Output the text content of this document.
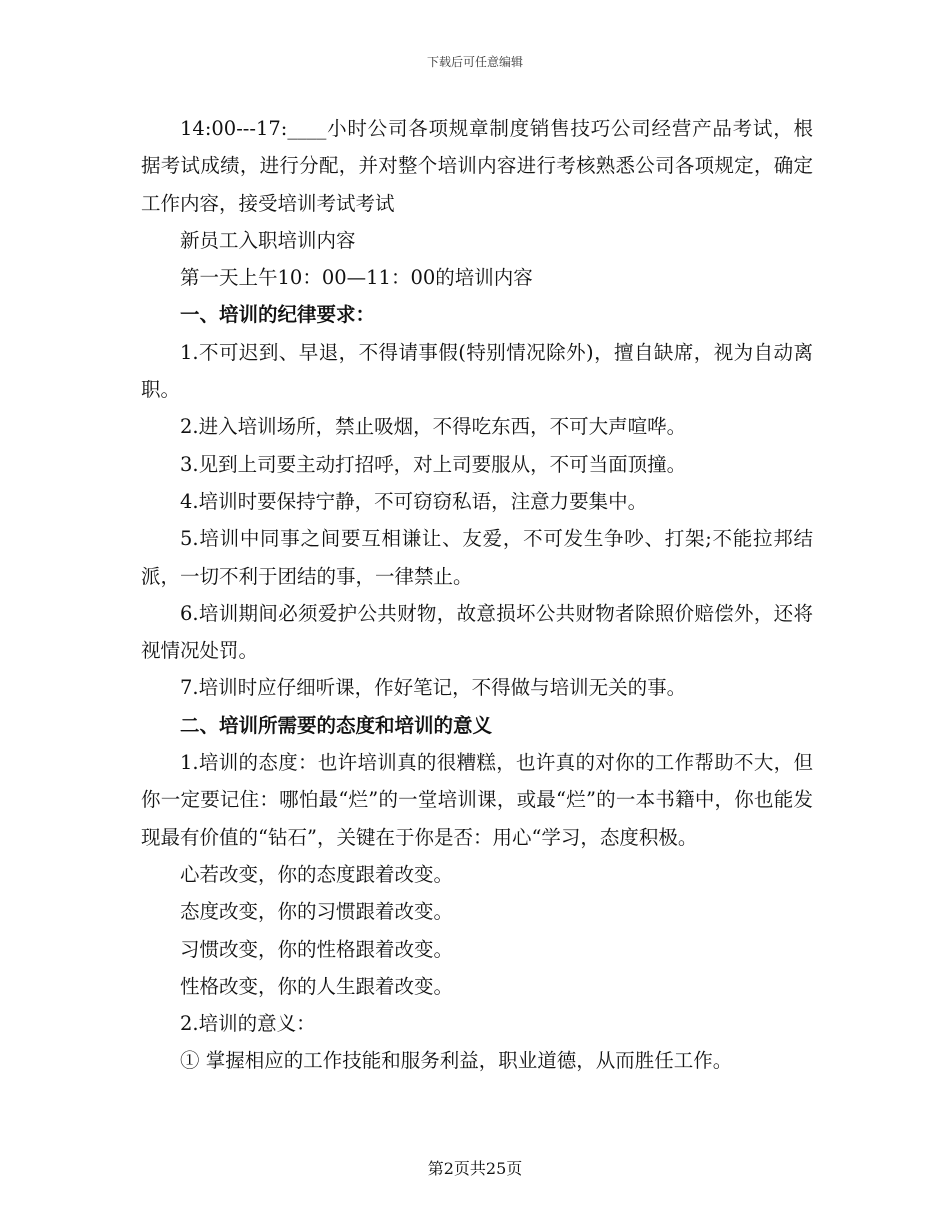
下载后可任意编辑

14:00---17:____小时公司各项规章制度销售技巧公司经营产品考试，根据考试成绩，进行分配，并对整个培训内容进行考核熟悉公司各项规定，确定工作内容，接受培训考试考试

新员工入职培训内容

第一天上午10：00—11：00的培训内容

一、培训的纪律要求：

1.不可迟到、早退，不得请事假(特别情况除外)，擅自缺席，视为自动离职。

2.进入培训场所，禁止吸烟，不得吃东西，不可大声喧哗。

3.见到上司要主动打招呼，对上司要服从，不可当面顶撞。

4.培训时要保持宁静，不可窃窃私语，注意力要集中。

5.培训中同事之间要互相谦让、友爱，不可发生争吵、打架;不能拉邦结派，一切不利于团结的事，一律禁止。

6.培训期间必须爱护公共财物，故意损坏公共财物者除照价赔偿外，还将视情况处罚。

7.培训时应仔细听课，作好笔记，不得做与培训无关的事。

二、培训所需要的态度和培训的意义

1.培训的态度：也许培训真的很糟糕，也许真的对你的工作帮助不大，但你一定要记住：哪怕最“烂”的一堂培训课，或最“烂”的一本书籍中，你也能发现最有价值的“钻石”，关键在于你是否：用心“学习，态度积极。

心若改变，你的态度跟着改变。

态度改变，你的习惯跟着改变。

习惯改变，你的性格跟着改变。

性格改变，你的人生跟着改变。

2.培训的意义：

① 掌握相应的工作技能和服务利益，职业道德，从而胜任工作。

第2页共25页
